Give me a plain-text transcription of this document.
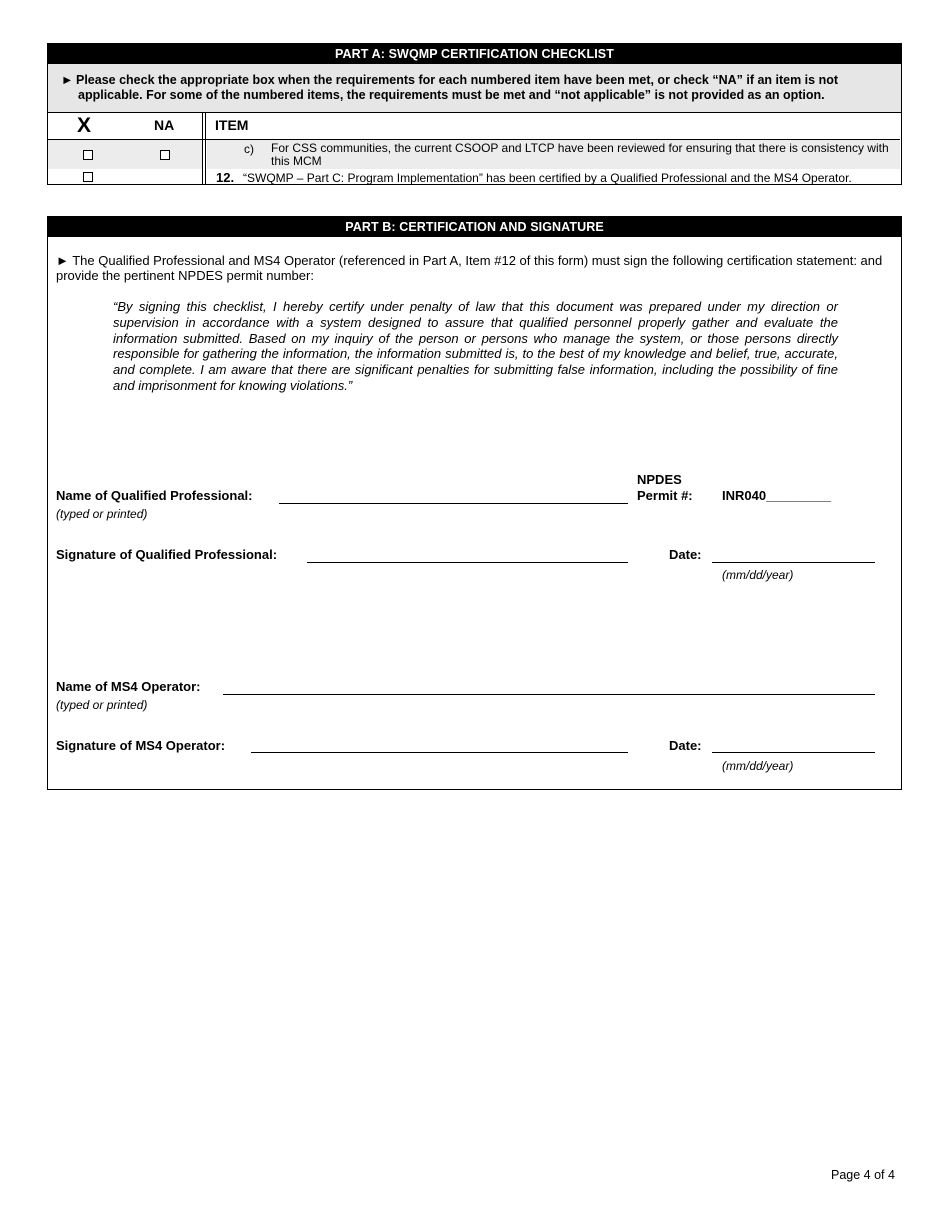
PART A: SWQMP CERTIFICATION CHECKLIST
► Please check the appropriate box when the requirements for each numbered item have been met, or check “NA” if an item is not
applicable. For some of the numbered items, the requirements must be met and “not applicable” is not provided as an option.
X	NA	ITEM
c) For CSS communities, the current CSOOP and LTCP have been reviewed for ensuring that there is consistency with this MCM
12. “SWQMP – Part C: Program Implementation” has been certified by a Qualified Professional and the MS4 Operator.
PART B: CERTIFICATION AND SIGNATURE
► The Qualified Professional and MS4 Operator (referenced in Part A, Item #12 of this form) must sign the following certification statement: and provide the pertinent NPDES permit number:
“By signing this checklist, I hereby certify under penalty of law that this document was prepared under my direction or supervision in accordance with a system designed to assure that qualified personnel properly gather and evaluate the information submitted. Based on my inquiry of the person or persons who manage the system, or those persons directly responsible for gathering the information, the information submitted is, to the best of my knowledge and belief, true, accurate, and complete. I am aware that there are significant penalties for submitting false information, including the possibility of fine and imprisonment for knowing violations.”
Name of Qualified Professional:
(typed or printed)
NPDES
Permit #: INR040_________
Signature of Qualified Professional:	Date:
(mm/dd/year)
Name of MS4 Operator:
(typed or printed)
Signature of MS4 Operator:	Date:
(mm/dd/year)
Page 4 of 4
